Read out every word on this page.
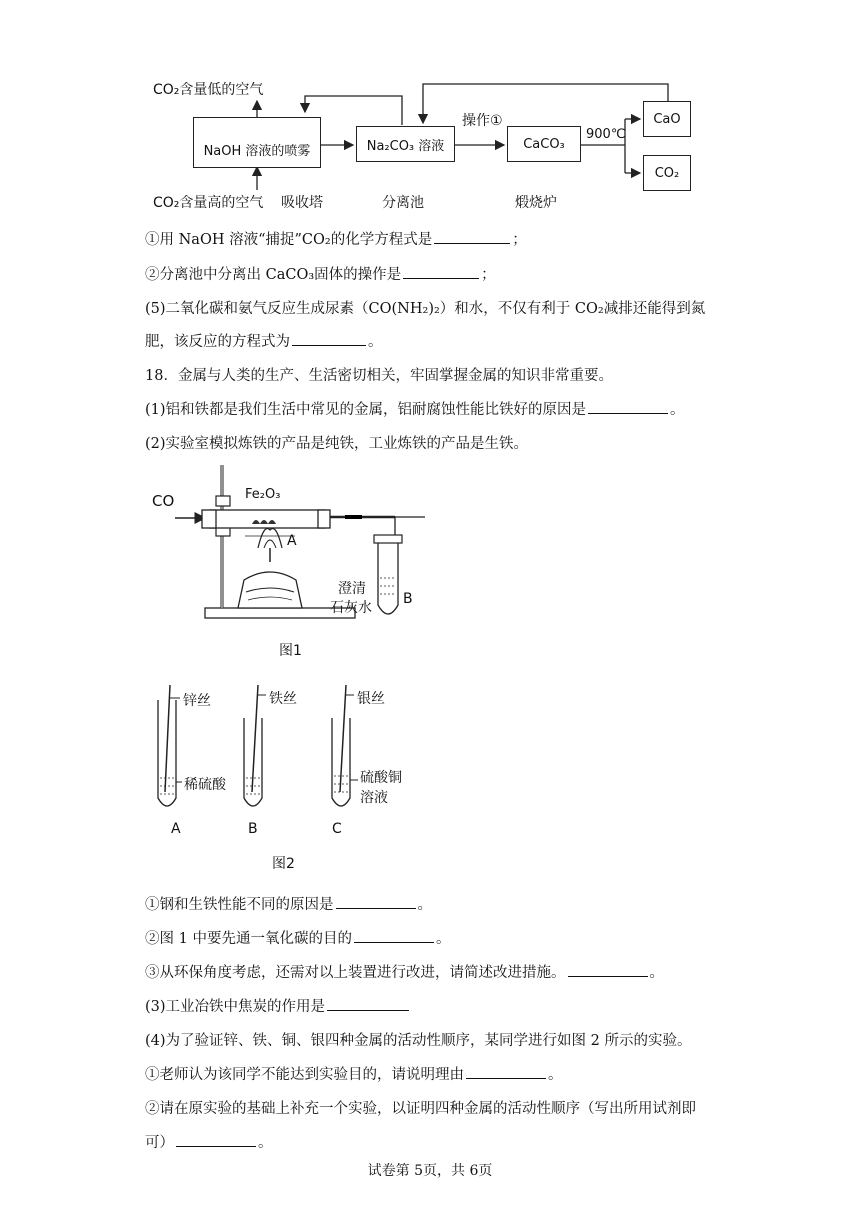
CO₂含量低的空气
NaOH 溶液的喷雾
CO₂含量高的空气 吸收塔
Na₂CO₃ 溶液
分离池
操作①
CaCO₃
煅烧炉
900℃
CaO
CO₂
①用 NaOH 溶液“捕捉”CO₂的化学方程式是	；
②分离池中分离出 CaCO₃固体的操作是	；
(5)二氧化碳和氨气反应生成尿素（CO(NH₂)₂）和水，不仅有利于 CO₂减排还能得到氮
肥，该反应的方程式为	。
18．金属与人类的生产、生活密切相关，牢固掌握金属的知识非常重要。
(1)铝和铁都是我们生活中常见的金属，铝耐腐蚀性能比铁好的原因是	。
(2)实验室模拟炼铁的产品是纯铁，工业炼铁的产品是生铁。
CO	Fe₂O₃
A
澄清
石灰水
B
图1
锌丝	铁丝	银丝
稀硫酸	硫酸铜
溶液
A	B	C
图2
①钢和生铁性能不同的原因是	。
②图 1 中要先通一氧化碳的目的	。
③从环保角度考虑，还需对以上装置进行改进，请简述改进措施。	。
(3)工业冶铁中焦炭的作用是
(4)为了验证锌、铁、铜、银四种金属的活动性顺序，某同学进行如图 2 所示的实验。
①老师认为该同学不能达到实验目的，请说明理由	。
②请在原实验的基础上补充一个实验，以证明四种金属的活动性顺序（写出所用试剂即
可）	。
试卷第 5页，共 6页
